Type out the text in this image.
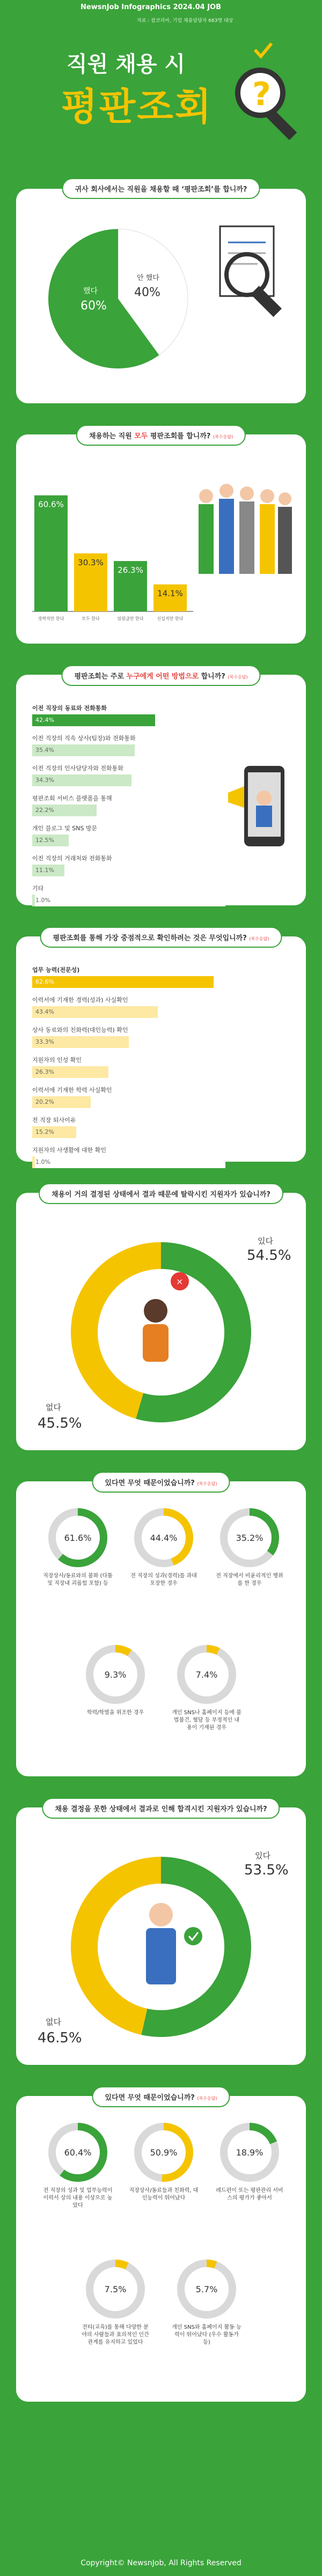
NewsnJob Infographics 2024.04 JOB
자료 : 잡코리아, 기업 채용담당자 663명 대상
직원 채용 시
평판조회 ?
귀사 회사에서는 직원을 채용할 때 ‘평판조회’를 합니까?
했다
60%
안 했다
40%
채용하는 직원 모두 평판조회를 합니까? (복수응답)
60.6%
경력직만 한다
30.3%
모두 한다
26.3%
임원급만 한다
14.1%
신입직만 한다
평판조회는 주로 누구에게 어떤 방법으로 합니까? (복수응답)
이전 직장의 동료와 전화통화
42.4%
이전 직장의 직속 상사(팀장)와 전화통화
35.4%
이전 직장의 인사담당자와 전화통화
34.3%
평판조회 서비스 플랫폼을 통해
22.2%
개인 블로그 및 SNS 방문
12.5%
이전 직장의 거래처와 전화통화
11.1%
기타
1.0%
평판조회를 통해 가장 중점적으로 확인하려는 것은 무엇입니까? (복수응답)
업무 능력(전문성)
62.6%
이력서에 기재한 경력(성과) 사실확인
43.4%
상사 동료와의 친화력(대인능력) 확인
33.3%
지원자의 인성 확인
26.3%
이력서에 기재한 학력 사실확인
20.2%
전 직장 퇴사이유
15.2%
지원자의 사생활에 대한 확인
1.0%
채용이 거의 결정된 상태에서 결과 때문에 탈락시킨 지원자가 있습니까?
×
있다
54.5%
없다
45.5%
있다면 무엇 때문이었습니까? (복수응답)
61.6%
직장상사/동료와의 불화 (다툼 및 직장내 괴롭힘 포함) 등
44.4%
전 직장의 성과(경력)를 과대 포장한 경우
35.2%
전 직장에서 비윤리적인 행위를 한 경우
9.3%
학력/학벌을 위조한 경우
7.4%
개인 SNS나 홈페이지 등에 불법불건, 혐담 등 부정적인 내용이 기재된 경우
채용 결정을 못한 상태에서 결과로 인해 합격시킨 지원자가 있습니까?
있다
53.5%
없다
46.5%
있다면 무엇 때문이었습니까? (복수응답)
60.4%
전 직장의 성과 및 업무능력이 이력서 상의 내용 이상으로 높았다
50.9%
직장상사/동료들과 친화력, 대인능력이 뛰어났다
18.9%
레드펀이 또는 평판관리 서비스의 평가가 좋아서
7.5%
전티(교육)를 통해 다양한 분야의 사람들과 효의적인 인간관계를 유지하고 있었다
5.7%
개인 SNS와 홈페이지 활동 능력이 뛰어났다 (우수 활동가 등)
Copyright© NewsnJob, All Rights Reserved
